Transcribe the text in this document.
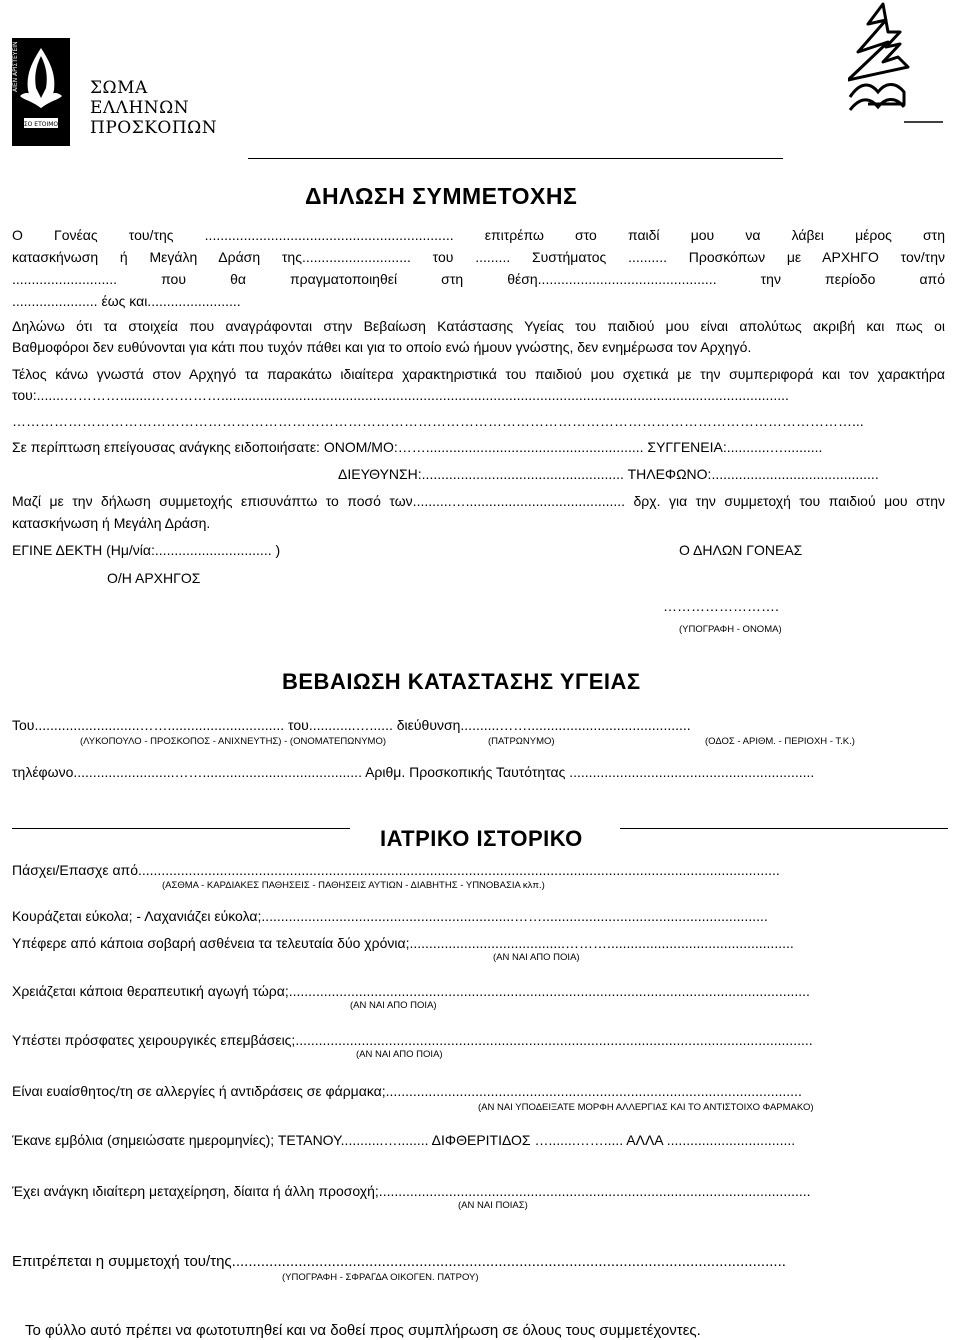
ΕΣΟ ΕΤΟΙΜΟΣ
ΑΙΕΝ ΑΡΙΣΤΕΥΕΙΝ	ΣΩΜΑ
ΕΛΛΗΝΩΝ
ΠΡΟΣΚΟΠΩΝ
ΔΗΛΩΣΗ ΣΥΜΜΕΤΟΧΗΣ
Ο Γονέας του/της ................................................................ επιτρέπω στο παιδί μου να λάβει μέρος στη
κατασκήνωση ή Μεγάλη Δράση της............................ του ......... Συστήματος .......... Προσκόπων με ΑΡΧΗΓΟ τον/την
........................... που θα πραγματοποιηθεί στη θέση.............................................. την περίοδο από
...................... έως και........................
Δηλώνω ότι τα στοιχεία που αναγράφονται στην Βεβαίωση Κατάστασης Υγείας του παιδιού μου είναι απολύτως ακριβή και πως οι
Βαθμοφόροι δεν ευθύνονται για κάτι που τυχόν πάθει και για το οποίο ενώ ήμουν γνώστης, δεν ενημέρωσα τον Αρχηγό.
Τέλος κάνω γνωστά στον Αρχηγό τα παρακάτω ιδιαίτερα χαρακτηριστικά του παιδιού μου σχετικά με την συμπεριφορά και τον χαρακτήρα
του:.......…………........……………..................................................................................................................................................
………………………………………………………………………………………………………………………………………………………………...
Σε περίπτωση επείγουσας ανάγκης ειδοποιήσατε: ΟΝΟΜ/ΜΟ:……........................................................ ΣΥΓΓΕΝΕΙΑ:...........…..........
ΔΙΕΥΘΥΝΣΗ:.................................................... ΤΗΛΕΦΩΝΟ:...........................................
Μαζί με την δήλωση συμμετοχής επισυνάπτω το ποσό των..........…......................................... δρχ. για την συμμετοχή του παιδιού μου στην
κατασκήνωση ή Μεγάλη Δράση.
ΕΓΙΝΕ ΔΕΚΤΗ (Ημ/νία:.............................. )	Ο ΔΗΛΩΝ ΓΟΝΕΑΣ
Ο/Η ΑΡΧΗΓΟΣ
…………………….
(ΥΠΟΓΡΑΦΗ - ΟΝΟΜΑ)
ΒΕΒΑΙΩΣΗ ΚΑΤΑΣΤΑΣΗΣ ΥΓΕΙΑΣ
Του...........................…….............................. του............…...... διεύθυνση..........……..........................................
(ΛΥΚΟΠΟΥΛΟ - ΠΡΟΣΚΟΠΟΣ - ΑΝΙΧΝΕΥΤΗΣ) - (ΟΝΟΜΑΤΕΠΩΝΥΜΟ)	(ΠΑΤΡΩΝΥΜΟ)	(ΟΔΟΣ - ΑΡΙΘΜ. - ΠΕΡΙΟΧΗ - Τ.Κ.)
τηλέφωνο..........................……......................................... Αριθμ. Προσκοπικής Ταυτότητας ...............................................................
ΙΑΤΡΙΚΟ ΙΣΤΟΡΙΚΟ
Πάσχει/Επασχε από.....................................................................................................................................................................
(ΑΣΘΜΑ - ΚΑΡΔΙΑΚΕΣ ΠΑΘΗΣΕΙΣ - ΠΑΘΗΣΕΙΣ ΑΥΤΙΩΝ - ΔΙΑΒΗΤΗΣ - ΥΠΝΟΒΑΣΙΑ κλπ.)
Κουράζεται εύκολα; - Λαχανιάζει εύκολα;.................................................................……..........................................................
Υπέφερε από κάποια σοβαρή ασθένεια τα τελευταία δύο χρόνια;........................................………................................................
(ΑΝ ΝΑΙ ΑΠΟ ΠΟΙΑ)
Χρειάζεται κάποια θεραπευτική αγωγή τώρα;......................................................................................................................................
(ΑΝ ΝΑΙ ΑΠΟ ΠΟΙΑ)
Υπέστει πρόσφατες χειρουργικές επεμβάσεις;.....................................................................................................................................
(ΑΝ ΝΑΙ ΑΠΟ ΠΟΙΑ)
Είναι ευαίσθητος/τη σε αλλεργίες ή αντιδράσεις σε φάρμακα;...........................................................................................................
(ΑΝ ΝΑΙ ΥΠΟΔΕΙΞΑΤΕ ΜΟΡΦΗ ΑΛΛΕΡΓΙΑΣ ΚΑΙ ΤΟ ΑΝΤΙΣΤΟΙΧΟ ΦΑΡΜΑΚΟ)
Έκανε εμβόλια (σημειώσατε ημερομηνίες); ΤΕΤΑΝΟΥ...........…........ ΔΙΦΘΕΡΙΤΙΔΟΣ ….......……..... ΑΛΛΑ .................................
Έχει ανάγκη ιδιαίτερη μεταχείρηση, δίαιτα ή άλλη προσοχή;...............................................................................................................
(ΑΝ ΝΑΙ ΠΟΙΑΣ)
Επιτρέπεται η συμμετοχή του/της.....................................................................................................................................
(ΥΠΟΓΡΑΦΗ - ΣΦΡΑΓΔΑ ΟΙΚΟΓΕΝ. ΠΑΤΡΟΥ)
Το φύλλο αυτό πρέπει να φωτοτυπηθεί και να δοθεί προς συμπλήρωση σε όλους τους συμμετέχοντες.
